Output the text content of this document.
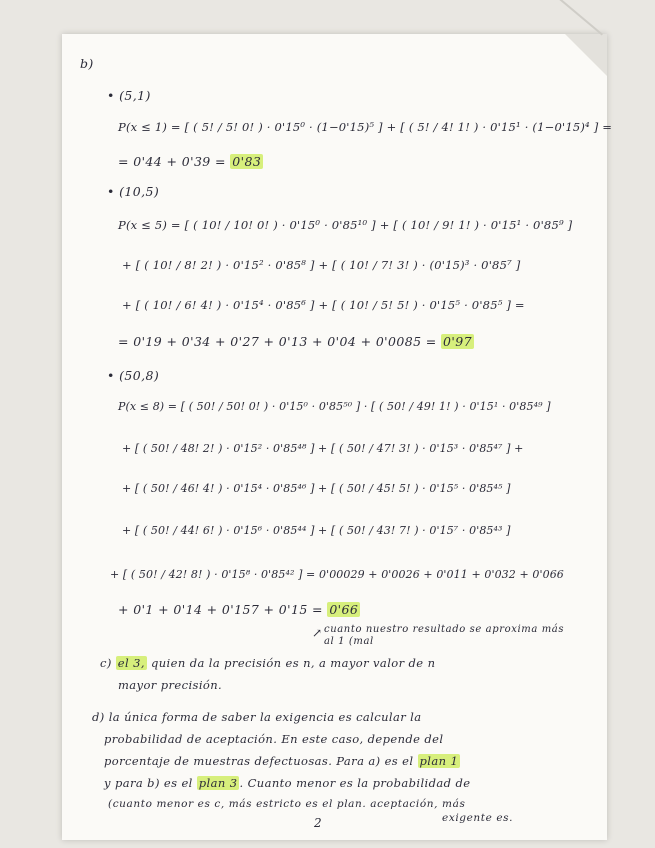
b)
• (5,1)
P(x ≤ 1) = [ ( 5! / 5! 0! ) · 0'15⁰ · (1−0'15)⁵ ] + [ ( 5! / 4! 1! ) · 0'15¹ · (1−0'15)⁴ ] =
= 0'44 + 0'39 = 0'83
• (10,5)
P(x ≤ 5) = [ ( 10! / 10! 0! ) · 0'15⁰ · 0'85¹⁰ ] + [ ( 10! / 9! 1! ) · 0'15¹ · 0'85⁹ ]
+ [ ( 10! / 8! 2! ) · 0'15² · 0'85⁸ ] + [ ( 10! / 7! 3! ) · (0'15)³ · 0'85⁷ ]
+ [ ( 10! / 6! 4! ) · 0'15⁴ · 0'85⁶ ] + [ ( 10! / 5! 5! ) · 0'15⁵ · 0'85⁵ ] =
= 0'19 + 0'34 + 0'27 + 0'13 + 0'04 + 0'0085 = 0'97
• (50,8)
P(x ≤ 8) = [ ( 50! / 50! 0! ) · 0'15⁰ · 0'85⁵⁰ ] · [ ( 50! / 49! 1! ) · 0'15¹ · 0'85⁴⁹ ]
+ [ ( 50! / 48! 2! ) · 0'15² · 0'85⁴⁸ ] + [ ( 50! / 47! 3! ) · 0'15³ · 0'85⁴⁷ ] +
+ [ ( 50! / 46! 4! ) · 0'15⁴ · 0'85⁴⁶ ] + [ ( 50! / 45! 5! ) · 0'15⁵ · 0'85⁴⁵ ]
+ [ ( 50! / 44! 6! ) · 0'15⁶ · 0'85⁴⁴ ] + [ ( 50! / 43! 7! ) · 0'15⁷ · 0'85⁴³ ]
+ [ ( 50! / 42! 8! ) · 0'15⁸ · 0'85⁴² ] = 0'00029 + 0'0026 + 0'011 + 0'032 + 0'066
+ 0'1 + 0'14 + 0'157 + 0'15 = 0'66
cuanto nuestro resultado se aproxima más
al 1 (mal
↗
c) el 3, quien da la precisión es n, a mayor valor de n
mayor precisión.
d) la única forma de saber la exigencia es calcular la
probabilidad de aceptación. En este caso, depende del
porcentaje de muestras defectuosas. Para a) es el plan 1
y para b) es el plan 3 . Cuanto menor es la probabilidad de
(cuanto menor es c, más estricto es el plan. aceptación, más
exigente es.
2
